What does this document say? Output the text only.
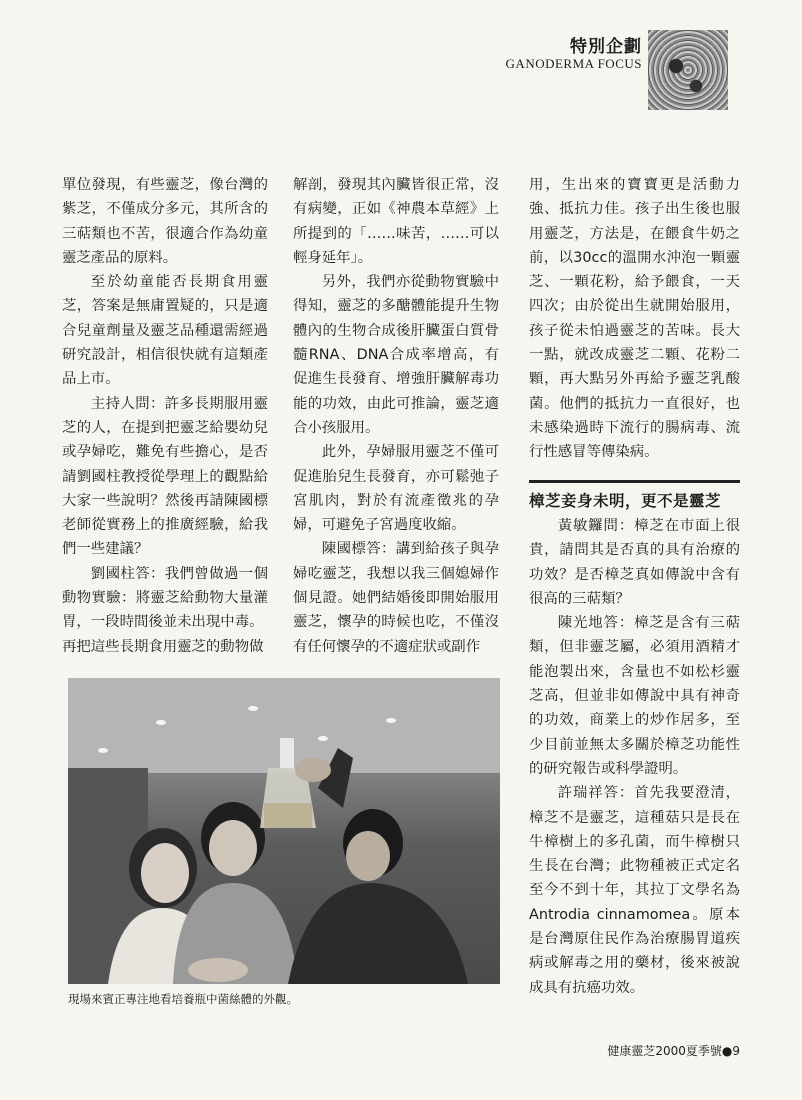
特別企劃
GANODERMA FOCUS

單位發現，有些靈芝，像台灣的紫芝，不僅成分多元，其所含的三萜類也不苦，很適合作為幼童靈芝產品的原料。

至於幼童能否長期食用靈芝，答案是無庸置疑的，只是適合兒童劑量及靈芝品種還需經過研究設計，相信很快就有這類產品上市。

主持人問：許多長期服用靈芝的人，在提到把靈芝給嬰幼兒或孕婦吃，難免有些擔心，是否請劉國柱教授從學理上的觀點給大家一些說明？然後再請陳國標老師從實務上的推廣經驗，給我們一些建議？

劉國柱答：我們曾做過一個動物實驗：將靈芝給動物大量灌胃，一段時間後並未出現中毒。

再把這些長期食用靈芝的動物做

解剖，發現其內臟皆很正常，沒有病變，正如《神農本草經》上所提到的「……味苦，……可以輕身延年」。

另外，我們亦從動物實驗中得知，靈芝的多醣體能提升生物體內的生物合成後肝臟蛋白質骨髓RNA、DNA合成率增高，有促進生長發育、增強肝臟解毒功能的功效，由此可推論，靈芝適合小孩服用。

此外，孕婦服用靈芝不僅可促進胎兒生長發育，亦可鬆弛子宮肌肉，對於有流產徵兆的孕婦，可避免子宮過度收縮。

陳國標答：講到給孩子與孕婦吃靈芝，我想以我三個媳婦作個見證。她們結婚後即開始服用靈芝，懷孕的時候也吃，不僅沒有任何懷孕的不適症狀或副作

用，生出來的寶寶更是活動力強、抵抗力佳。孩子出生後也服用靈芝，方法是，在餵食牛奶之前，以30cc的溫開水沖泡一顆靈芝、一顆花粉，給予餵食，一天四次；由於從出生就開始服用，孩子從未怕過靈芝的苦味。長大一點，就改成靈芝二顆、花粉二顆，再大點另外再給予靈芝乳酸菌。他們的抵抗力一直很好，也未感染過時下流行的腸病毒、流行性感冒等傳染病。

樟芝妾身未明，更不是靈芝

黃敏鑼問：樟芝在市面上很貴，請問其是否真的具有治療的功效？是否樟芝真如傳說中含有很高的三萜類？

陳光地答：樟芝是含有三萜類，但非靈芝屬，必須用酒精才能泡製出來，含量也不如松杉靈芝高，但並非如傳說中具有神奇的功效，商業上的炒作居多，至少目前並無太多關於樟芝功能性的研究報告或科學證明。

許瑞祥答：首先我要澄清，樟芝不是靈芝，這種菇只是長在牛樟樹上的多孔菌，而牛樟樹只生長在台灣；此物種被正式定名至今不到十年，其拉丁文學名為Antrodia cinnamomea。原本是台灣原住民作為治療腸胃道疾病或解毒之用的藥材，後來被說成具有抗癌功效。

現場來賓正專注地看培養瓶中菌絲體的外觀。
健康靈芝2000夏季號●9
